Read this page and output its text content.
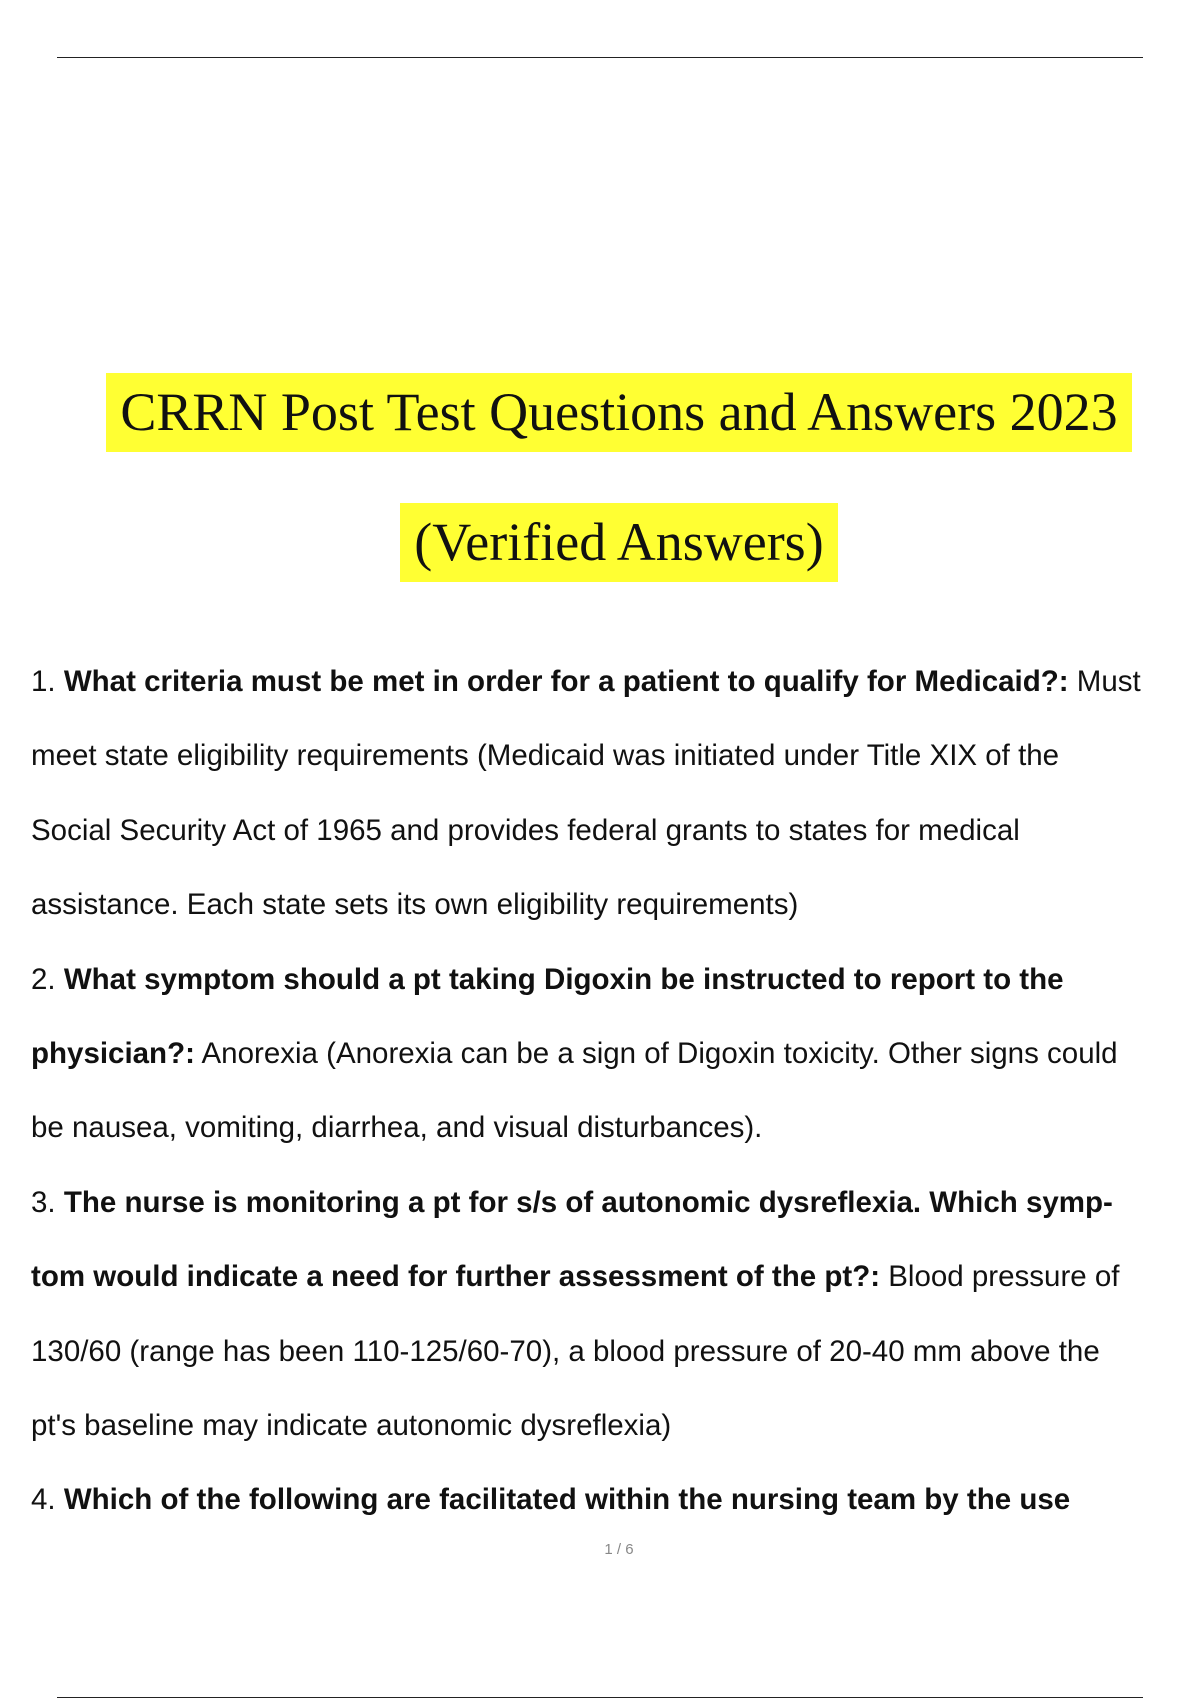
CRRN Post Test Questions and Answers 2023
(Verified Answers)
1. What criteria must be met in order for a patient to qualify for Medicaid?: Must
meet state eligibility requirements (Medicaid was initiated under Title XIX of the
Social Security Act of 1965 and provides federal grants to states for medical
assistance. Each state sets its own eligibility requirements)
2. What symptom should a pt taking Digoxin be instructed to report to the
physician?: Anorexia (Anorexia can be a sign of Digoxin toxicity. Other signs could
be nausea, vomiting, diarrhea, and visual disturbances).
3. The nurse is monitoring a pt for s/s of autonomic dysreflexia. Which symp-
tom would indicate a need for further assessment of the pt?: Blood pressure of
130/60 (range has been 110-125/60-70), a blood pressure of 20-40 mm above the
pt's baseline may indicate autonomic dysreflexia)
4. Which of the following are facilitated within the nursing team by the use
1 / 6
